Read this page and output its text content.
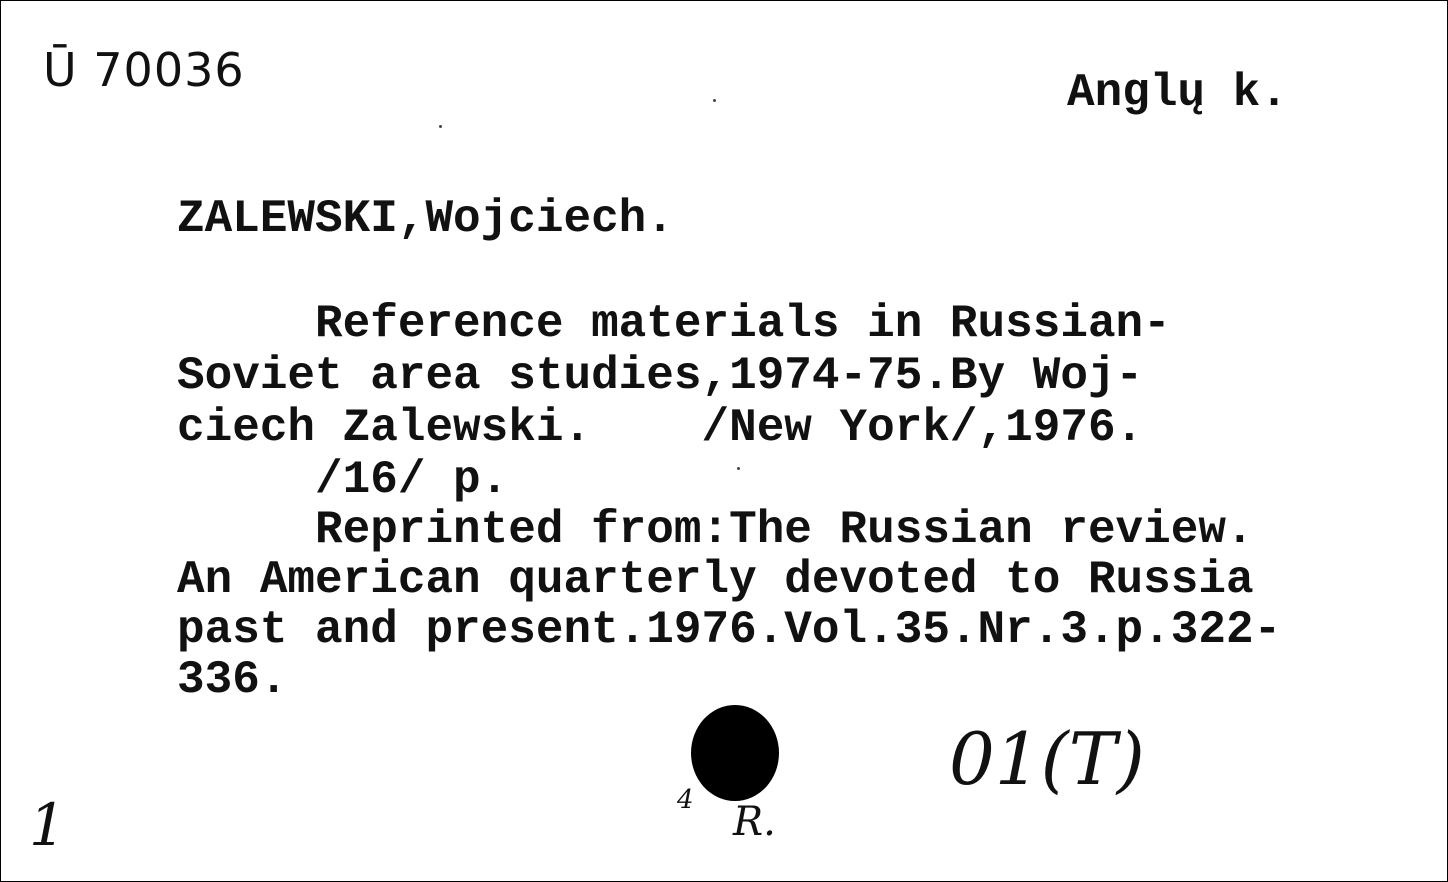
Ū 70036	Anglų k.
ZALEWSKI,Wojciech.
Reference materials in Russian-
Soviet area studies,1974-75.By Woj-
ciech Zalewski.    /New York/,1976.
/16/ p.
Reprinted from:The Russian review.
An American quarterly devoted to Russia
past and present.1976.Vol.35.Nr.3.p.322-
336.
1	4 R.
01(T)
